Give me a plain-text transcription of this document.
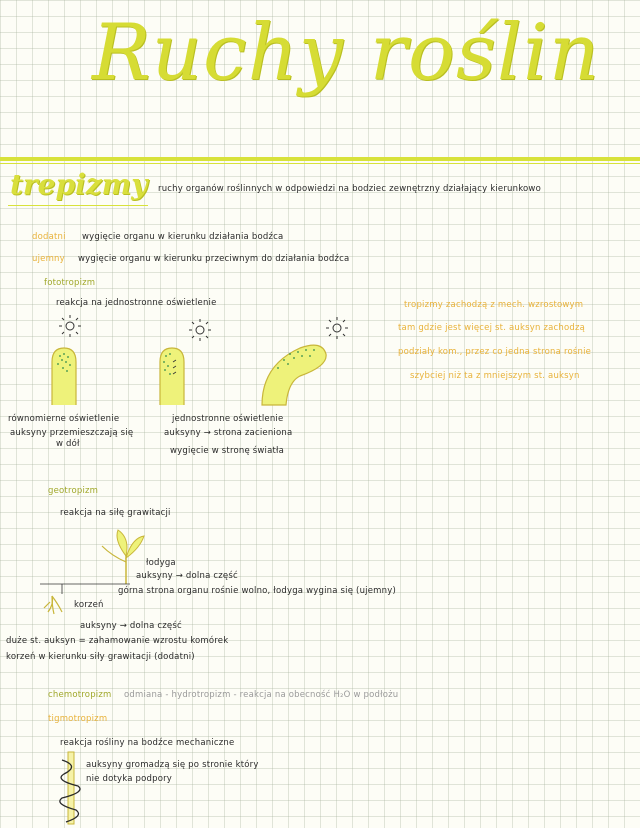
Ruchy roślin
trepizmy ruchy organów roślinnych w odpowiedzi na bodziec zewnętrzny działający kierunkowo
dodatni wygięcie organu w kierunku działania bodźca
ujemny wygięcie organu w kierunku przeciwnym do działania bodźca
fototropizm
reakcja na jednostronne oświetlenie	tropizmy zachodzą z mech. wzrostowym
tam gdzie jest więcej st. auksyn zachodzą
podziały kom., przez co jedna strona rośnie
szybciej niż ta z mniejszym st. auksyn
równomierne oświetlenie
auksyny przemieszczają się
w dół
jednostronne oświetlenie
auksyny → strona zacieniona
wygięcie w stronę światła
geotropizm
reakcja na siłę grawitacji
łodyga
auksyny → dolna część
górna strona organu rośnie wolno, łodyga wygina się (ujemny)
korzeń
auksyny → dolna część
duże st. auksyn = zahamowanie wzrostu komórek
korzeń w kierunku siły grawitacji (dodatni)
chemotropizm odmiana - hydrotropizm - reakcja na obecność H₂O w podłożu
tigmotropizm
reakcja rośliny na bodźce mechaniczne
auksyny gromadzą się po stronie który
nie dotyka podpory
